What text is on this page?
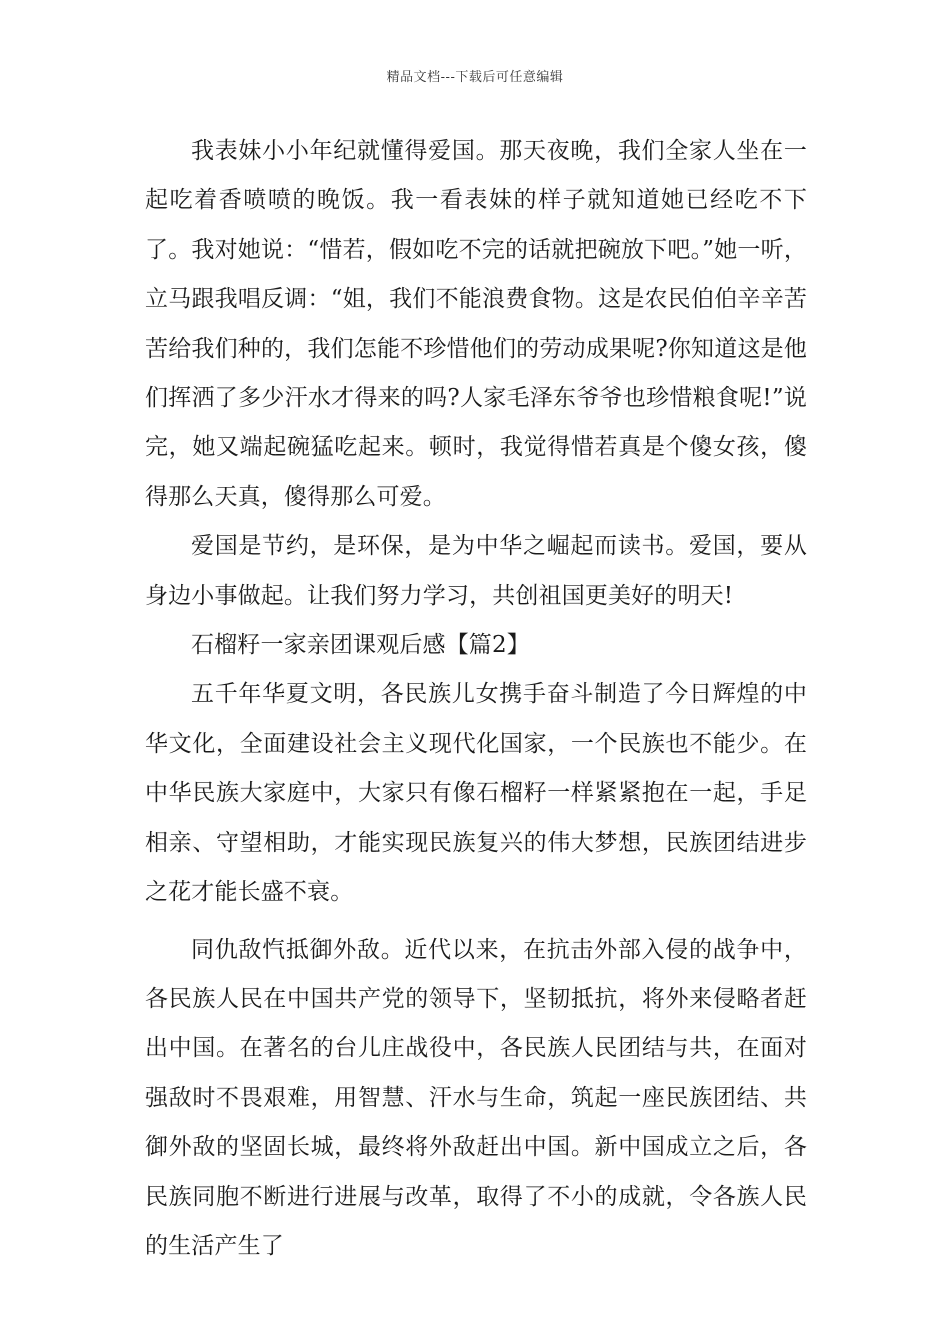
精品文档---下载后可任意编辑

我表妹小小年纪就懂得爱国。那天夜晚，我们全家人坐在一起吃着香喷喷的晚饭。我一看表妹的样子就知道她已经吃不下了。我对她说：“惜若，假如吃不完的话就把碗放下吧。”她一听，立马跟我唱反调：“姐，我们不能浪费食物。这是农民伯伯辛辛苦苦给我们种的，我们怎能不珍惜他们的劳动成果呢?你知道这是他们挥洒了多少汗水才得来的吗?人家毛泽东爷爷也珍惜粮食呢!”说完，她又端起碗猛吃起来。顿时，我觉得惜若真是个傻女孩，傻得那么天真，傻得那么可爱。

爱国是节约，是环保，是为中华之崛起而读书。爱国，要从身边小事做起。让我们努力学习，共创祖国更美好的明天!

石榴籽一家亲团课观后感【篇2】

五千年华夏文明，各民族儿女携手奋斗制造了今日辉煌的中华文化，全面建设社会主义现代化国家，一个民族也不能少。在中华民族大家庭中，大家只有像石榴籽一样紧紧抱在一起，手足相亲、守望相助，才能实现民族复兴的伟大梦想，民族团结进步之花才能长盛不衰。

同仇敌忾抵御外敌。近代以来，在抗击外部入侵的战争中，各民族人民在中国共产党的领导下，坚韧抵抗，将外来侵略者赶出中国。在著名的台儿庄战役中，各民族人民团结与共，在面对强敌时不畏艰难，用智慧、汗水与生命，筑起一座民族团结、共御外敌的坚固长城，最终将外敌赶出中国。新中国成立之后，各民族同胞不断进行进展与改革，取得了不小的成就，令各族人民的生活产生了
